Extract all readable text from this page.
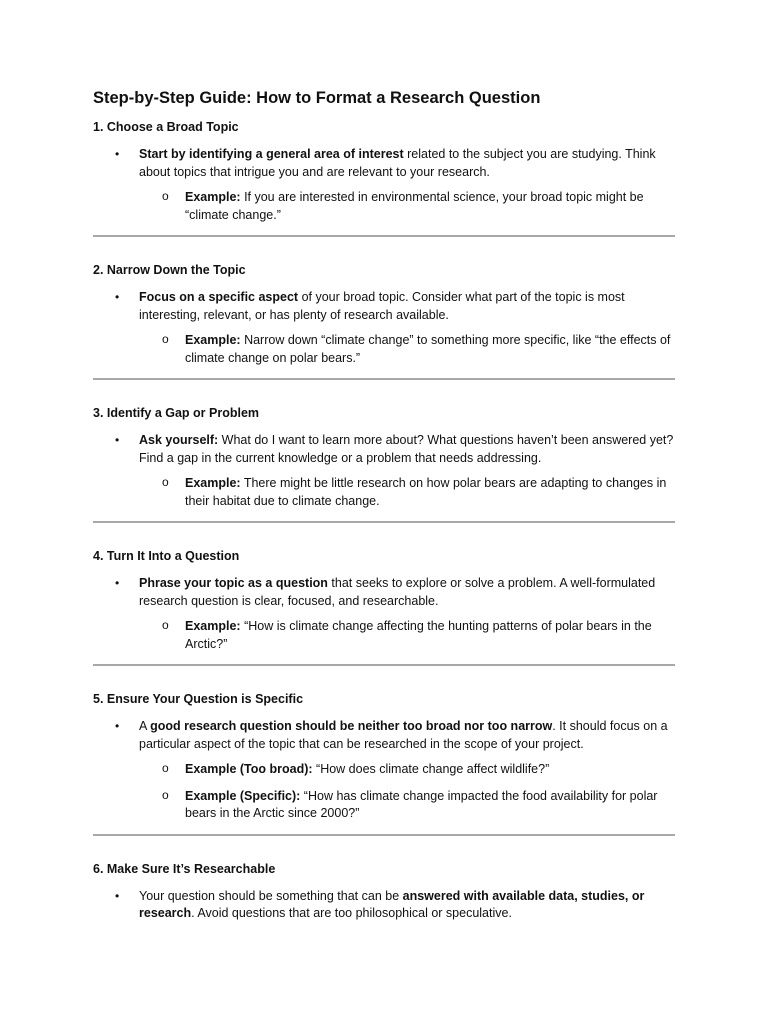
Step-by-Step Guide: How to Format a Research Question
1. Choose a Broad Topic
• Start by identifying a general area of interest related to the subject you are studying. Think about topics that intrigue you and are relevant to your research.
o Example: If you are interested in environmental science, your broad topic might be “climate change.”
2. Narrow Down the Topic
• Focus on a specific aspect of your broad topic. Consider what part of the topic is most interesting, relevant, or has plenty of research available.
o Example: Narrow down “climate change” to something more specific, like “the effects of climate change on polar bears.”
3. Identify a Gap or Problem
• Ask yourself: What do I want to learn more about? What questions haven’t been answered yet? Find a gap in the current knowledge or a problem that needs addressing.
o Example: There might be little research on how polar bears are adapting to changes in their habitat due to climate change.
4. Turn It Into a Question
• Phrase your topic as a question that seeks to explore or solve a problem. A well-formulated research question is clear, focused, and researchable.
o Example: “How is climate change affecting the hunting patterns of polar bears in the Arctic?”
5. Ensure Your Question is Specific
• A good research question should be neither too broad nor too narrow. It should focus on a particular aspect of the topic that can be researched in the scope of your project.
o Example (Too broad): “How does climate change affect wildlife?”
o Example (Specific): “How has climate change impacted the food availability for polar bears in the Arctic since 2000?”
6. Make Sure It’s Researchable
• Your question should be something that can be answered with available data, studies, or research. Avoid questions that are too philosophical or speculative.
